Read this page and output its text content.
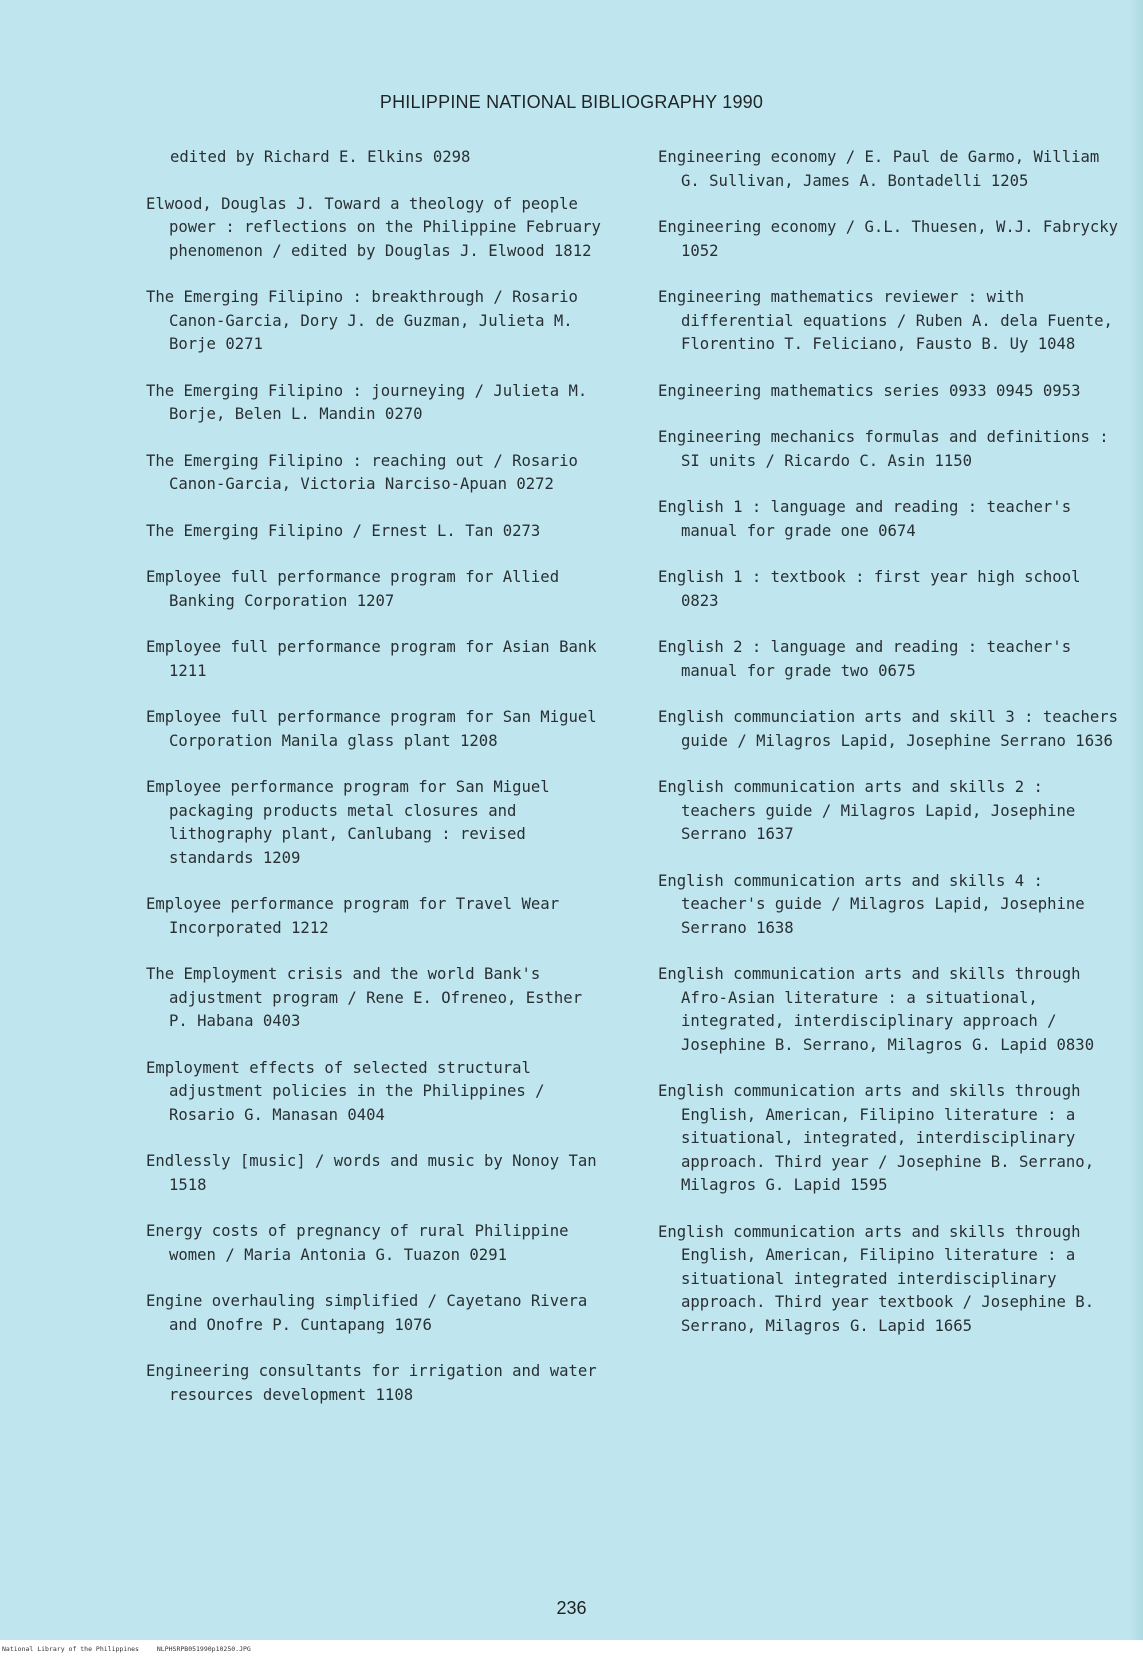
PHILIPPINE NATIONAL BIBLIOGRAPHY 1990
edited by Richard E. Elkins 0298
Elwood, Douglas J. Toward a theology of people power : reflections on the Philippine February phenomenon / edited by Douglas J. Elwood 1812
The Emerging Filipino : breakthrough / Rosario Canon-Garcia, Dory J. de Guzman, Julieta M. Borje 0271
The Emerging Filipino : journeying / Julieta M. Borje, Belen L. Mandin 0270
The Emerging Filipino : reaching out / Rosario Canon-Garcia, Victoria Narciso-Apuan 0272
The Emerging Filipino / Ernest L. Tan 0273
Employee full performance program for Allied Banking Corporation 1207
Employee full performance program for Asian Bank 1211
Employee full performance program for San Miguel Corporation Manila glass plant 1208
Employee performance program for San Miguel packaging products metal closures and lithography plant, Canlubang : revised standards 1209
Employee performance program for Travel Wear Incorporated 1212
The Employment crisis and the world Bank's adjustment program / Rene E. Ofreneo, Esther P. Habana 0403
Employment effects of selected structural adjustment policies in the Philippines / Rosario G. Manasan 0404
Endlessly [music] / words and music by Nonoy Tan 1518
Energy costs of pregnancy of rural Philippine women / Maria Antonia G. Tuazon 0291
Engine overhauling simplified / Cayetano Rivera and Onofre P. Cuntapang 1076
Engineering consultants for irrigation and water resources development 1108
Engineering economy / E. Paul de Garmo, William G. Sullivan, James A. Bontadelli 1205
Engineering economy / G.L. Thuesen, W.J. Fabrycky 1052
Engineering mathematics reviewer : with differential equations / Ruben A. dela Fuente, Florentino T. Feliciano, Fausto B. Uy 1048
Engineering mathematics series 0933 0945 0953
Engineering mechanics formulas and definitions : SI units / Ricardo C. Asin 1150
English 1 : language and reading : teacher's manual for grade one 0674
English 1 : textbook : first year high school 0823
English 2 : language and reading : teacher's manual for grade two 0675
English communciation arts and skill 3 : teachers guide / Milagros Lapid, Josephine Serrano 1636
English communication arts and skills 2 : teachers guide / Milagros Lapid, Josephine Serrano 1637
English communication arts and skills 4 : teacher's guide / Milagros Lapid, Josephine Serrano 1638
English communication arts and skills through Afro-Asian literature : a situational, integrated, interdisciplinary approach / Josephine B. Serrano, Milagros G. Lapid 0830
English communication arts and skills through English, American, Filipino literature : a situational, integrated, interdisciplinary approach. Third year / Josephine B. Serrano, Milagros G. Lapid 1595
English communication arts and skills through English, American, Filipino literature : a situational integrated interdisciplinary approach. Third year textbook / Josephine B. Serrano, Milagros G. Lapid 1665
236
National Library of the Philippines	NLPHSRPB051990p10250.JPG
